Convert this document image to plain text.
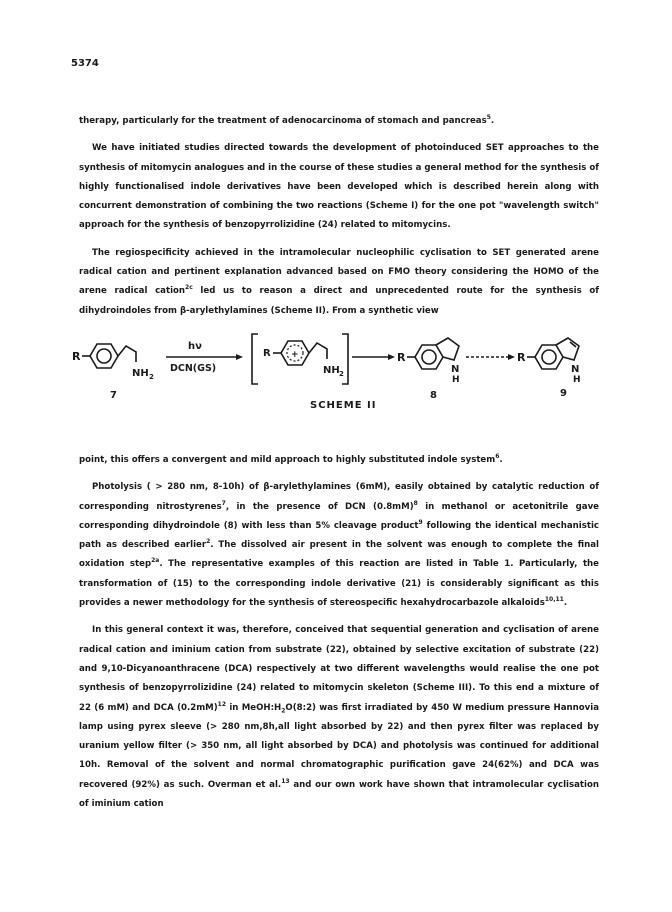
5374

therapy, particularly for the treatment of adenocarcinoma of stomach and pancreas$^5$.

We have initiated studies directed towards the development of photoinduced SET approaches to the synthesis of mitomycin analogues and in the course of these studies a general method for the synthesis of highly functionalised indole derivatives have been developed which is described herein along with concurrent demonstration of combining the two reactions (Scheme I) for the one pot "wavelength switch" approach for the synthesis of benzopyrrolizidine (24) related to mitomycins.

The regiospecificity achieved in the intramolecular nucleophilic cyclisation to SET generated arene radical cation and pertinent explanation advanced based on FMO theory considering the HOMO of the arene radical cation$^{2c}$ led us to reason a direct and unprecedented route for the synthesis of dihydroindoles from β-arylethylamines (Scheme II). From a synthetic view

R
NH 2
7
hν
DCN(GS)
R +
NH 2
R
N
H
8
R
N
H
9
SCHEME II

point, this offers a convergent and mild approach to highly substituted indole system$^6$.

Photolysis ( > 280 nm, 8-10h) of β-arylethylamines (6mM), easily obtained by catalytic reduction of corresponding nitrostyrenes$^7$, in the presence of DCN $(0.8mM)^8$ in methanol or acetonitrile gave corresponding dihydroindole (8) with less than 5% cleavage product$^9$ following the identical mechanistic path as described earlier$^2$. The dissolved air present in the solvent was enough to complete the final oxidation step$^{2a}$. The representative examples of this reaction are listed in Table 1. Particularly, the transformation of (15) to the corresponding indole derivative (21) is considerably significant as this provides a newer methodology for the synthesis of stereospecific hexahydrocarbazole alkaloids$^{10,11}$.

In this general context it was, therefore, conceived that sequential generation and cyclisation of arene radical cation and iminium cation from substrate (22), obtained by selective excitation of substrate (22) and 9,10-Dicyanoanthracene (DCA) respectively at two different wavelengths would realise the one pot synthesis of benzopyrrolizidine (24) related to mitomycin skeleton (Scheme III). To this end a mixture of 22 (6 mM) and DCA $(0.2mM)^{12}$ in $MeOH:H_2O(8:2)$ was first irradiated by 450 W medium pressure Hannovia lamp using pyrex sleeve (> 280 nm,8h,all light absorbed by 22) and then pyrex filter was replaced by uranium yellow filter (> 350 nm, all light absorbed by DCA) and photolysis was continued for additional 10h. Removal of the solvent and normal chromatographic purification gave 24(62%) and DCA was recovered (92%) as such. Overman et al.$^{13}$ and our own work have shown that intramolecular cyclisation of iminium cation
